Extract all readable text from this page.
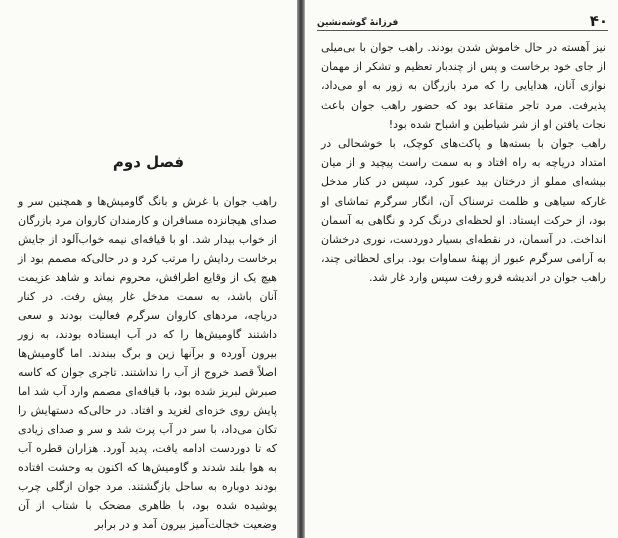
فصل دوم

راهب جوان با غرش و بانگ گاومیش‌ها و همچنین سر و صدای هیجانزده مسافران و کارمندان کاروان مرد بازرگان از خواب بیدار شد. او با قیافه‌ای نیمه خواب‌آلود از جایش برخاست ردایش را مرتب کرد و در حالی‌که مصمم بود از هیچ یک از وقایع اطرافش، محروم نماند و شاهد عزیمت آنان باشد، به سمت مدخل غار پیش رفت. در کنار دریاچه، مردهای کاروان سرگرم فعالیت بودند و سعی داشتند گاومیش‌ها را که در آب ایستاده بودند، به زور بیرون آورده و برآنها زین و برگ ببندند. اما گاومیش‌ها اصلاً قصد خروج از آب را نداشتند. تاجری جوان که کاسه صبرش لبریز شده بود، با قیافه‌ای مصمم وارد آب شد اما پایش روی خزه‌ای لغزید و افتاد. در حالی‌که دستهایش را تکان می‌داد، با سر در آب پرت شد و سر و صدای زیادی که تا دوردست ادامه یافت، پدید آورد. هزاران قطره آب به هوا بلند شدند و گاومیش‌ها که اکنون به وحشت افتاده بودند دوباره به ساحل بازگشتند. مرد جوان ازگلی چرب پوشیده شده بود، با ظاهری مضحک با شتاب از آن وضعیت خجالت‌آمیز بیرون آمد و در برابر

۴۰
فرزانهٔ گوشه‌نشین

نیز آهسته در حال خاموش شدن بودند. راهب جوان با بی‌میلی از جای خود برخاست و پس از چندبار تعظیم و تشکر از مهمان نوازی آنان، هدایایی را که مرد بازرگان به زور به او می‌داد، پذیرفت. مرد تاجر متقاعد بود که حضور راهب جوان باعث نجات یافتن او از شر شیاطین و اشباح شده بود!

راهب جوان با بسته‌ها و پاکت‌های کوچک، با خوشحالی در امتداد دریاچه به راه افتاد و به سمت راست پیچید و از میان بیشه‌ای مملو از درختان بید عبور کرد، سپس در کنار مدخل غارکه سیاهی و ظلمت ترسناک آن، انگار سرگرم تماشای او بود، از حرکت ایستاد. او لحظه‌ای درنگ کرد و نگاهی به آسمان انداخت. در آسمان، در نقطه‌ای بسیار دوردست، نوری درخشان به آرامی سرگرم عبور از پهنهٔ سماوات بود. برای لحظاتی چند، راهب جوان در اندیشه فرو رفت سپس وارد غار شد.
